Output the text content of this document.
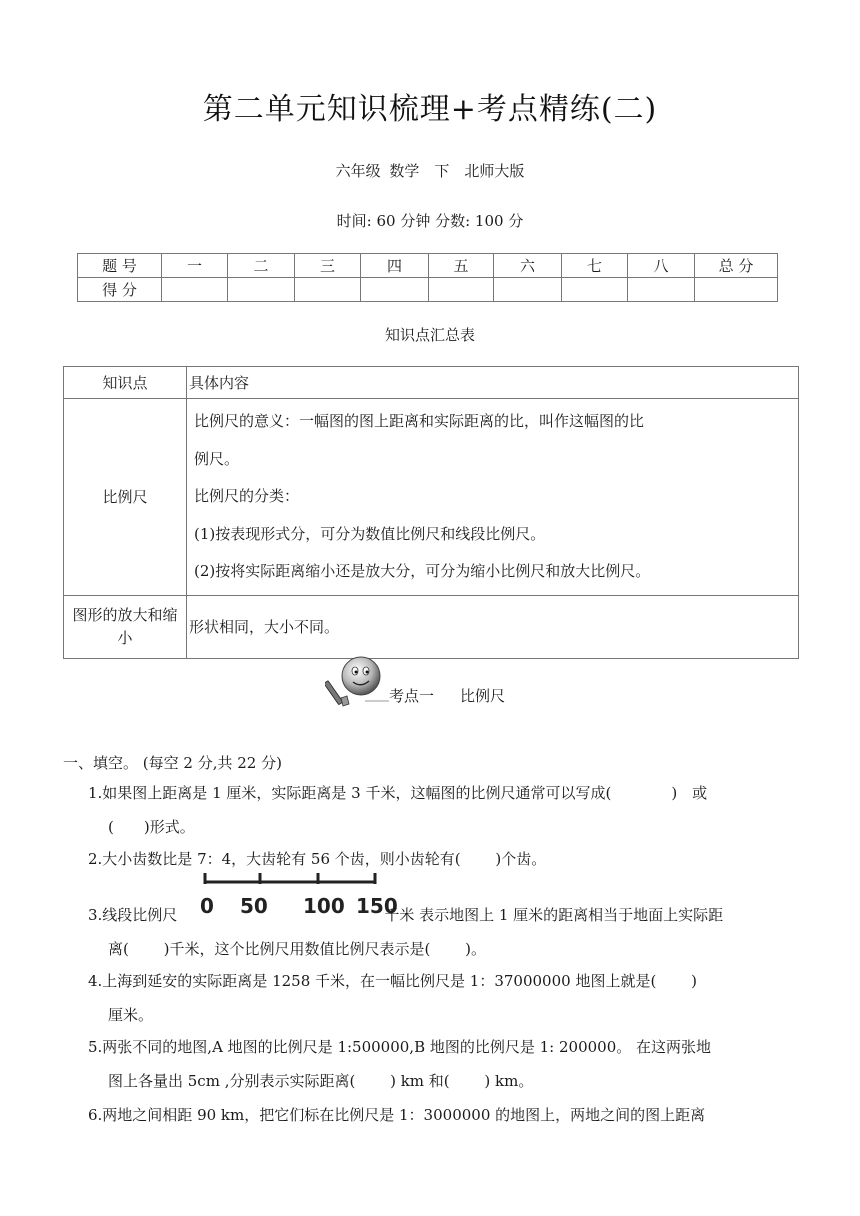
第二单元知识梳理+考点精练(二)
六年级 数学　下　北师大版
时间: 60 分钟 分数: 100 分
题 号	一	二	三	四	五	六	七	八	总 分
得 分									
知识点汇总表
知识点	具体内容
比例尺	比例尺的意义：一幅图的图上距离和实际距离的比，叫作这幅图的比
例尺。
比例尺的分类：
(1)按表现形式分，可分为数值比例尺和线段比例尺。
(2)按将实际距离缩小还是放大分，可分为缩小比例尺和放大比例尺。

图形的放大和缩
小	形状相同，大小不同。
考点一 比例尺
一、填空。 (每空 2 分,共 22 分)
1.如果图上距离是 1 厘米，实际距离是 3 千米，这幅图的比例尺通常可以写成(　　　　)　或
(　　)形式。
2.大小齿数比是 7：4，大齿轮有 56 个齿，则小齿轮有(　　 )个齿。
0 50 100 150
3.线段比例尺	千米 表示地图上 1 厘米的距离相当于地面上实际距
离(　　 )千米，这个比例尺用数值比例尺表示是(　　 )。
4.上海到延安的实际距离是 1258 千米，在一幅比例尺是 1：37000000 地图上就是(　　 )
厘米。
5.两张不同的地图,A 地图的比例尺是 1:500000,B 地图的比例尺是 1: 200000。 在这两张地
图上各量出 5cm ,分别表示实际距离(　　 ) km 和(　　 ) km。
6.两地之间相距 90 km，把它们标在比例尺是 1：3000000 的地图上，两地之间的图上距离
